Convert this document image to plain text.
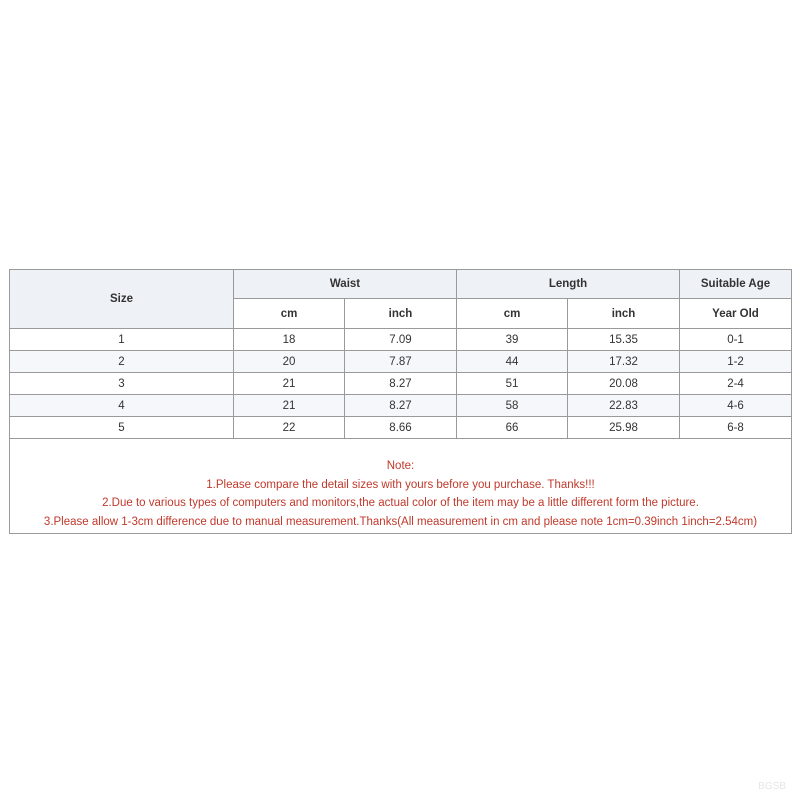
Size	Waist		Length		Suitable Age
	cm	inch	cm	inch	Year Old
1	18	7.09	39	15.35	0-1
2	20	7.87	44	17.32	1-2
3	21	8.27	51	20.08	2-4
4	21	8.27	58	22.83	4-6
5	22	8.66	66	25.98	6-8

Note:
1.Please compare the detail sizes with yours before you purchase. Thanks!!!
2.Due to various types of computers and monitors,the actual color of the item may be a little different form the picture.
3.Please allow 1-3cm difference due to manual measurement.Thanks(All measurement in cm and please note 1cm=0.39inch 1inch=2.54cm)					
BGSB
